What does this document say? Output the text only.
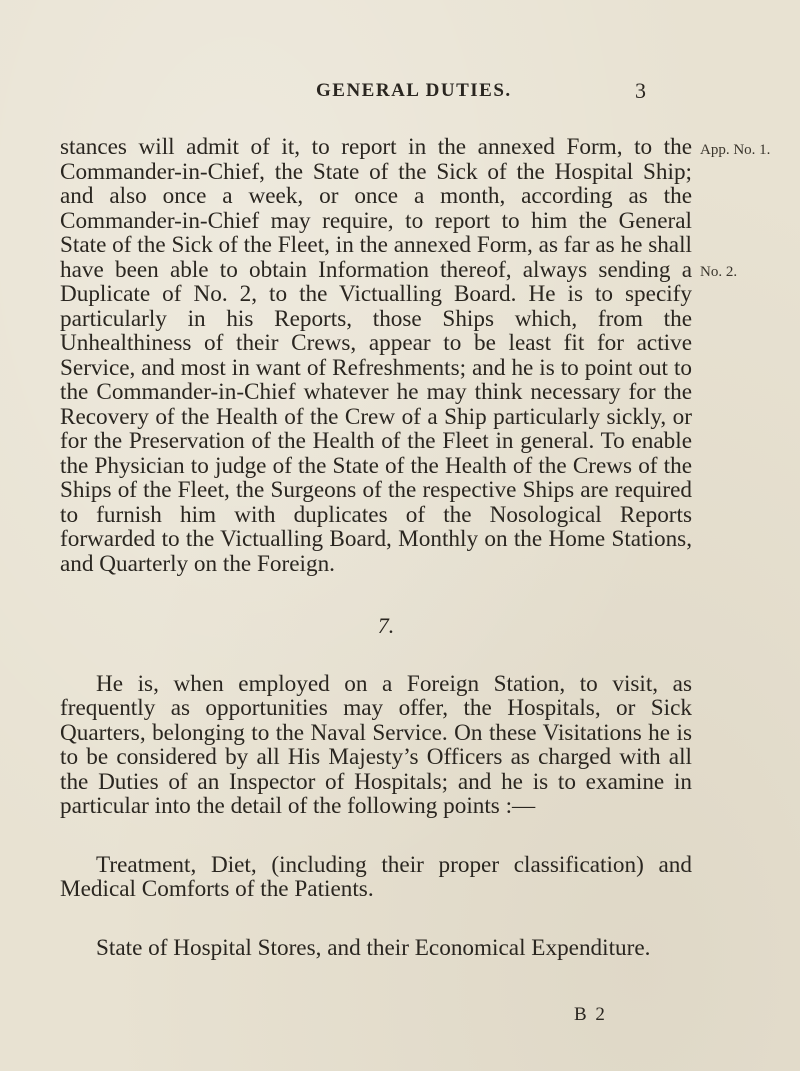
GENERAL DUTIES.	3
App. No. 1.
No. 2.

stances will admit of it, to report in the annexed Form, to the Commander-in-Chief, the State of the Sick of the Hospital Ship; and also once a week, or once a month, according as the Commander-in-Chief may require, to report to him the General State of the Sick of the Fleet, in the annexed Form, as far as he shall have been able to obtain Information thereof, always sending a Duplicate of No. 2, to the Victualling Board. He is to specify particularly in his Reports, those Ships which, from the Unhealthiness of their Crews, appear to be least fit for active Service, and most in want of Refreshments; and he is to point out to the Commander-in-Chief whatever he may think necessary for the Recovery of the Health of the Crew of a Ship particularly sickly, or for the Preservation of the Health of the Fleet in general. To enable the Physician to judge of the State of the Health of the Crews of the Ships of the Fleet, the Surgeons of the respective Ships are required to furnish him with duplicates of the Nosological Reports forwarded to the Victualling Board, Monthly on the Home Stations, and Quarterly on the Foreign.

7.

He is, when employed on a Foreign Station, to visit, as frequently as opportunities may offer, the Hospitals, or Sick Quarters, belonging to the Naval Service. On these Visitations he is to be considered by all His Majesty’s Officers as charged with all the Duties of an Inspector of Hospitals; and he is to examine in particular into the detail of the following points :—

Treatment, Diet, (including their proper classification) and Medical Comforts of the Patients.

State of Hospital Stores, and their Economical Expenditure.

B 2
